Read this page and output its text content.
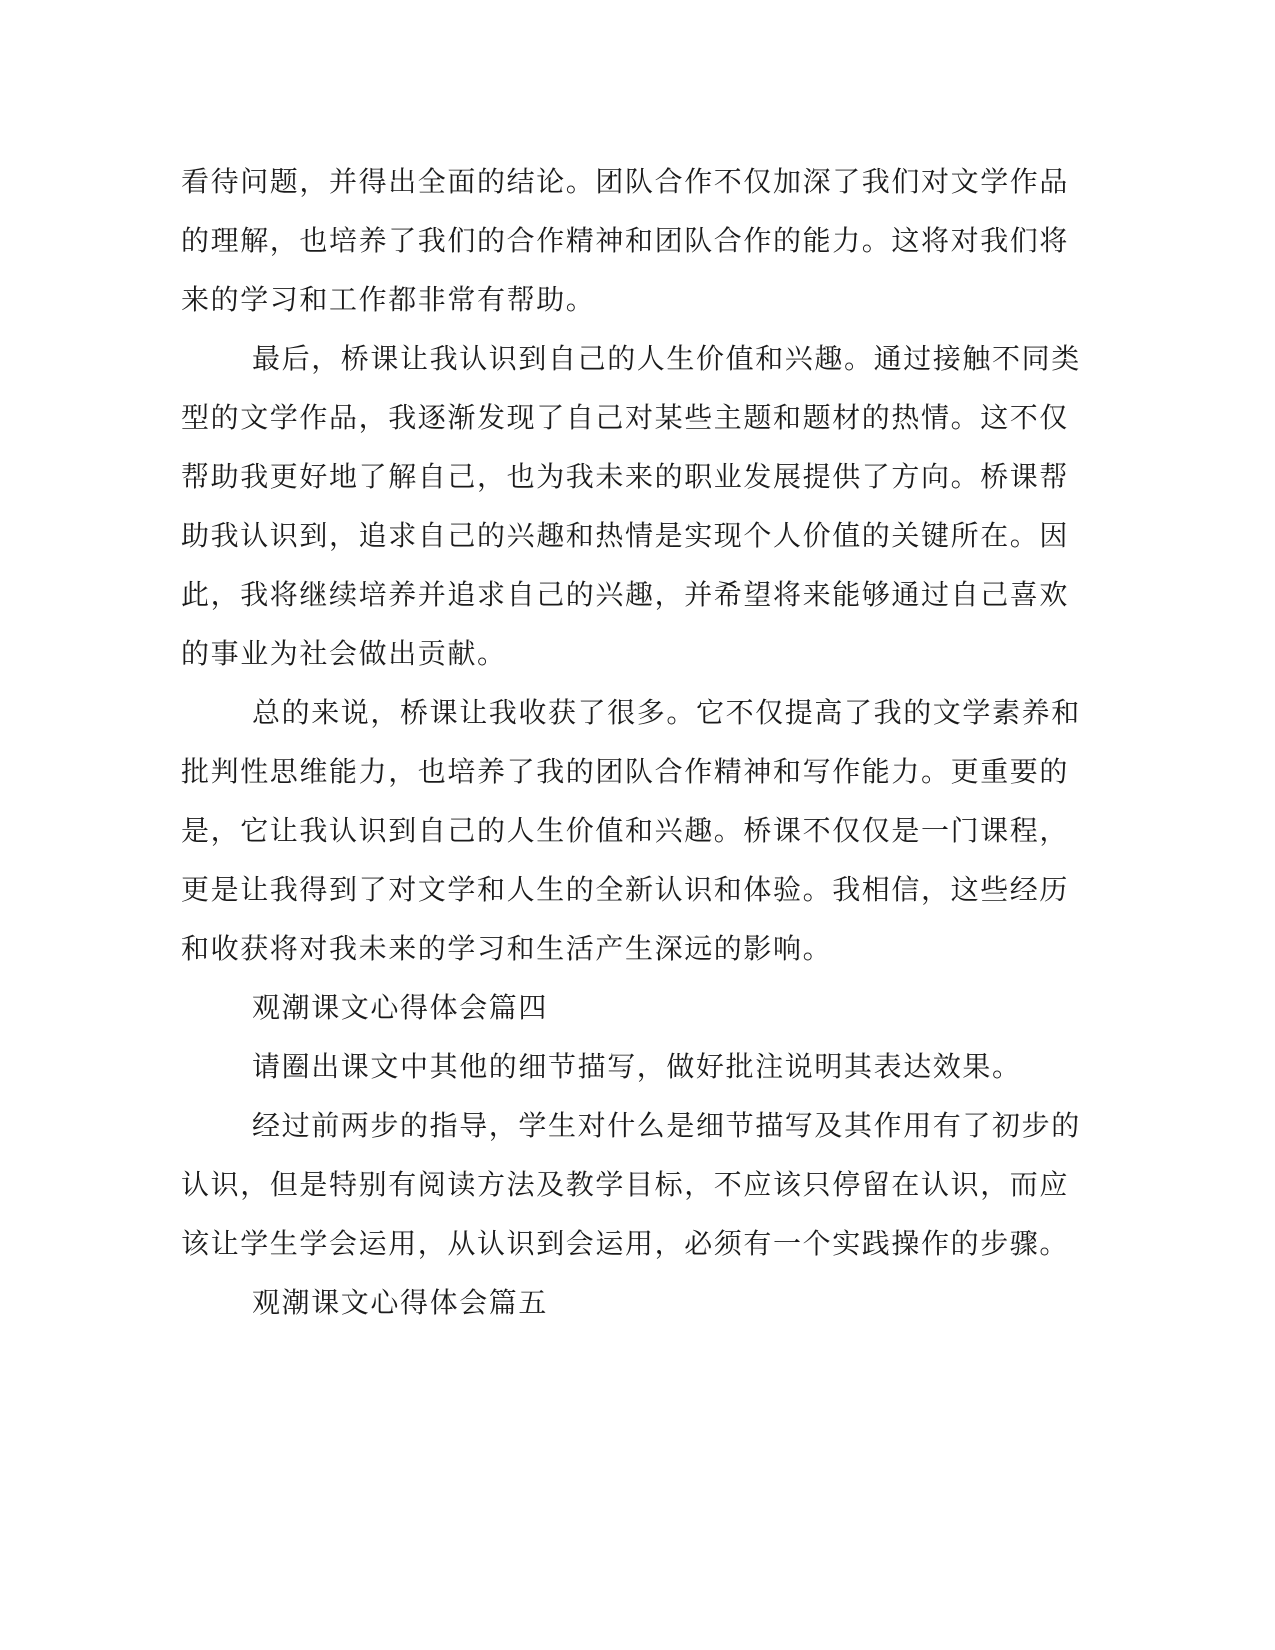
看待问题，并得出全面的结论。团队合作不仅加深了我们对文学作品
的理解，也培养了我们的合作精神和团队合作的能力。这将对我们将
来的学习和工作都非常有帮助。
最后，桥课让我认识到自己的人生价值和兴趣。通过接触不同类
型的文学作品，我逐渐发现了自己对某些主题和题材的热情。这不仅
帮助我更好地了解自己，也为我未来的职业发展提供了方向。桥课帮
助我认识到，追求自己的兴趣和热情是实现个人价值的关键所在。因
此，我将继续培养并追求自己的兴趣，并希望将来能够通过自己喜欢
的事业为社会做出贡献。
总的来说，桥课让我收获了很多。它不仅提高了我的文学素养和
批判性思维能力，也培养了我的团队合作精神和写作能力。更重要的
是，它让我认识到自己的人生价值和兴趣。桥课不仅仅是一门课程，
更是让我得到了对文学和人生的全新认识和体验。我相信，这些经历
和收获将对我未来的学习和生活产生深远的影响。
观潮课文心得体会篇四
请圈出课文中其他的细节描写，做好批注说明其表达效果。
经过前两步的指导，学生对什么是细节描写及其作用有了初步的
认识，但是特别有阅读方法及教学目标，不应该只停留在认识，而应
该让学生学会运用，从认识到会运用，必须有一个实践操作的步骤。
观潮课文心得体会篇五
